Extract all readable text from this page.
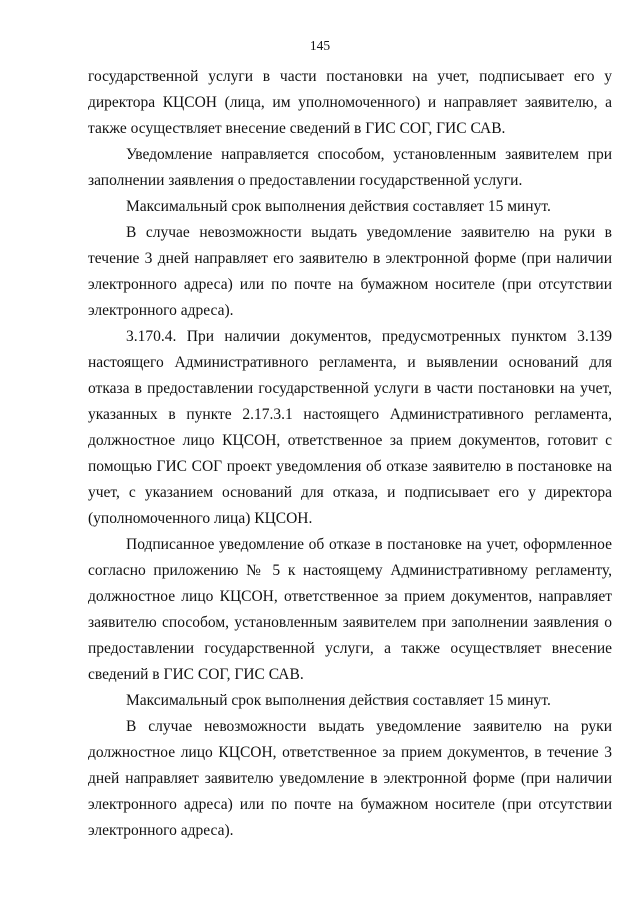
145

государственной услуги в части постановки на учет, подписывает его у директора КЦСОН (лица, им уполномоченного) и направляет заявителю, а также осуществляет внесение сведений в ГИС СОГ, ГИС САВ.

Уведомление направляется способом, установленным заявителем при заполнении заявления о предоставлении государственной услуги.

Максимальный срок выполнения действия составляет 15 минут.

В случае невозможности выдать уведомление заявителю на руки в течение 3 дней направляет его заявителю в электронной форме (при наличии электронного адреса) или по почте на бумажном носителе (при отсутствии электронного адреса).

3.170.4. При наличии документов, предусмотренных пунктом 3.139 настоящего Административного регламента, и выявлении оснований для отказа в предоставлении государственной услуги в части постановки на учет, указанных в пункте 2.17.3.1 настоящего Административного регламента, должностное лицо КЦСОН, ответственное за прием документов, готовит с помощью ГИС СОГ проект уведомления об отказе заявителю в постановке на учет, с указанием оснований для отказа, и подписывает его у директора (уполномоченного лица) КЦСОН.

Подписанное уведомление об отказе в постановке на учет, оформленное согласно приложению № 5 к настоящему Административному регламенту, должностное лицо КЦСОН, ответственное за прием документов, направляет заявителю способом, установленным заявителем при заполнении заявления о предоставлении государственной услуги, а также осуществляет внесение сведений в ГИС СОГ, ГИС САВ.

Максимальный срок выполнения действия составляет 15 минут.

В случае невозможности выдать уведомление заявителю на руки должностное лицо КЦСОН, ответственное за прием документов, в течение 3 дней направляет заявителю уведомление в электронной форме (при наличии электронного адреса) или по почте на бумажном носителе (при отсутствии электронного адреса).
